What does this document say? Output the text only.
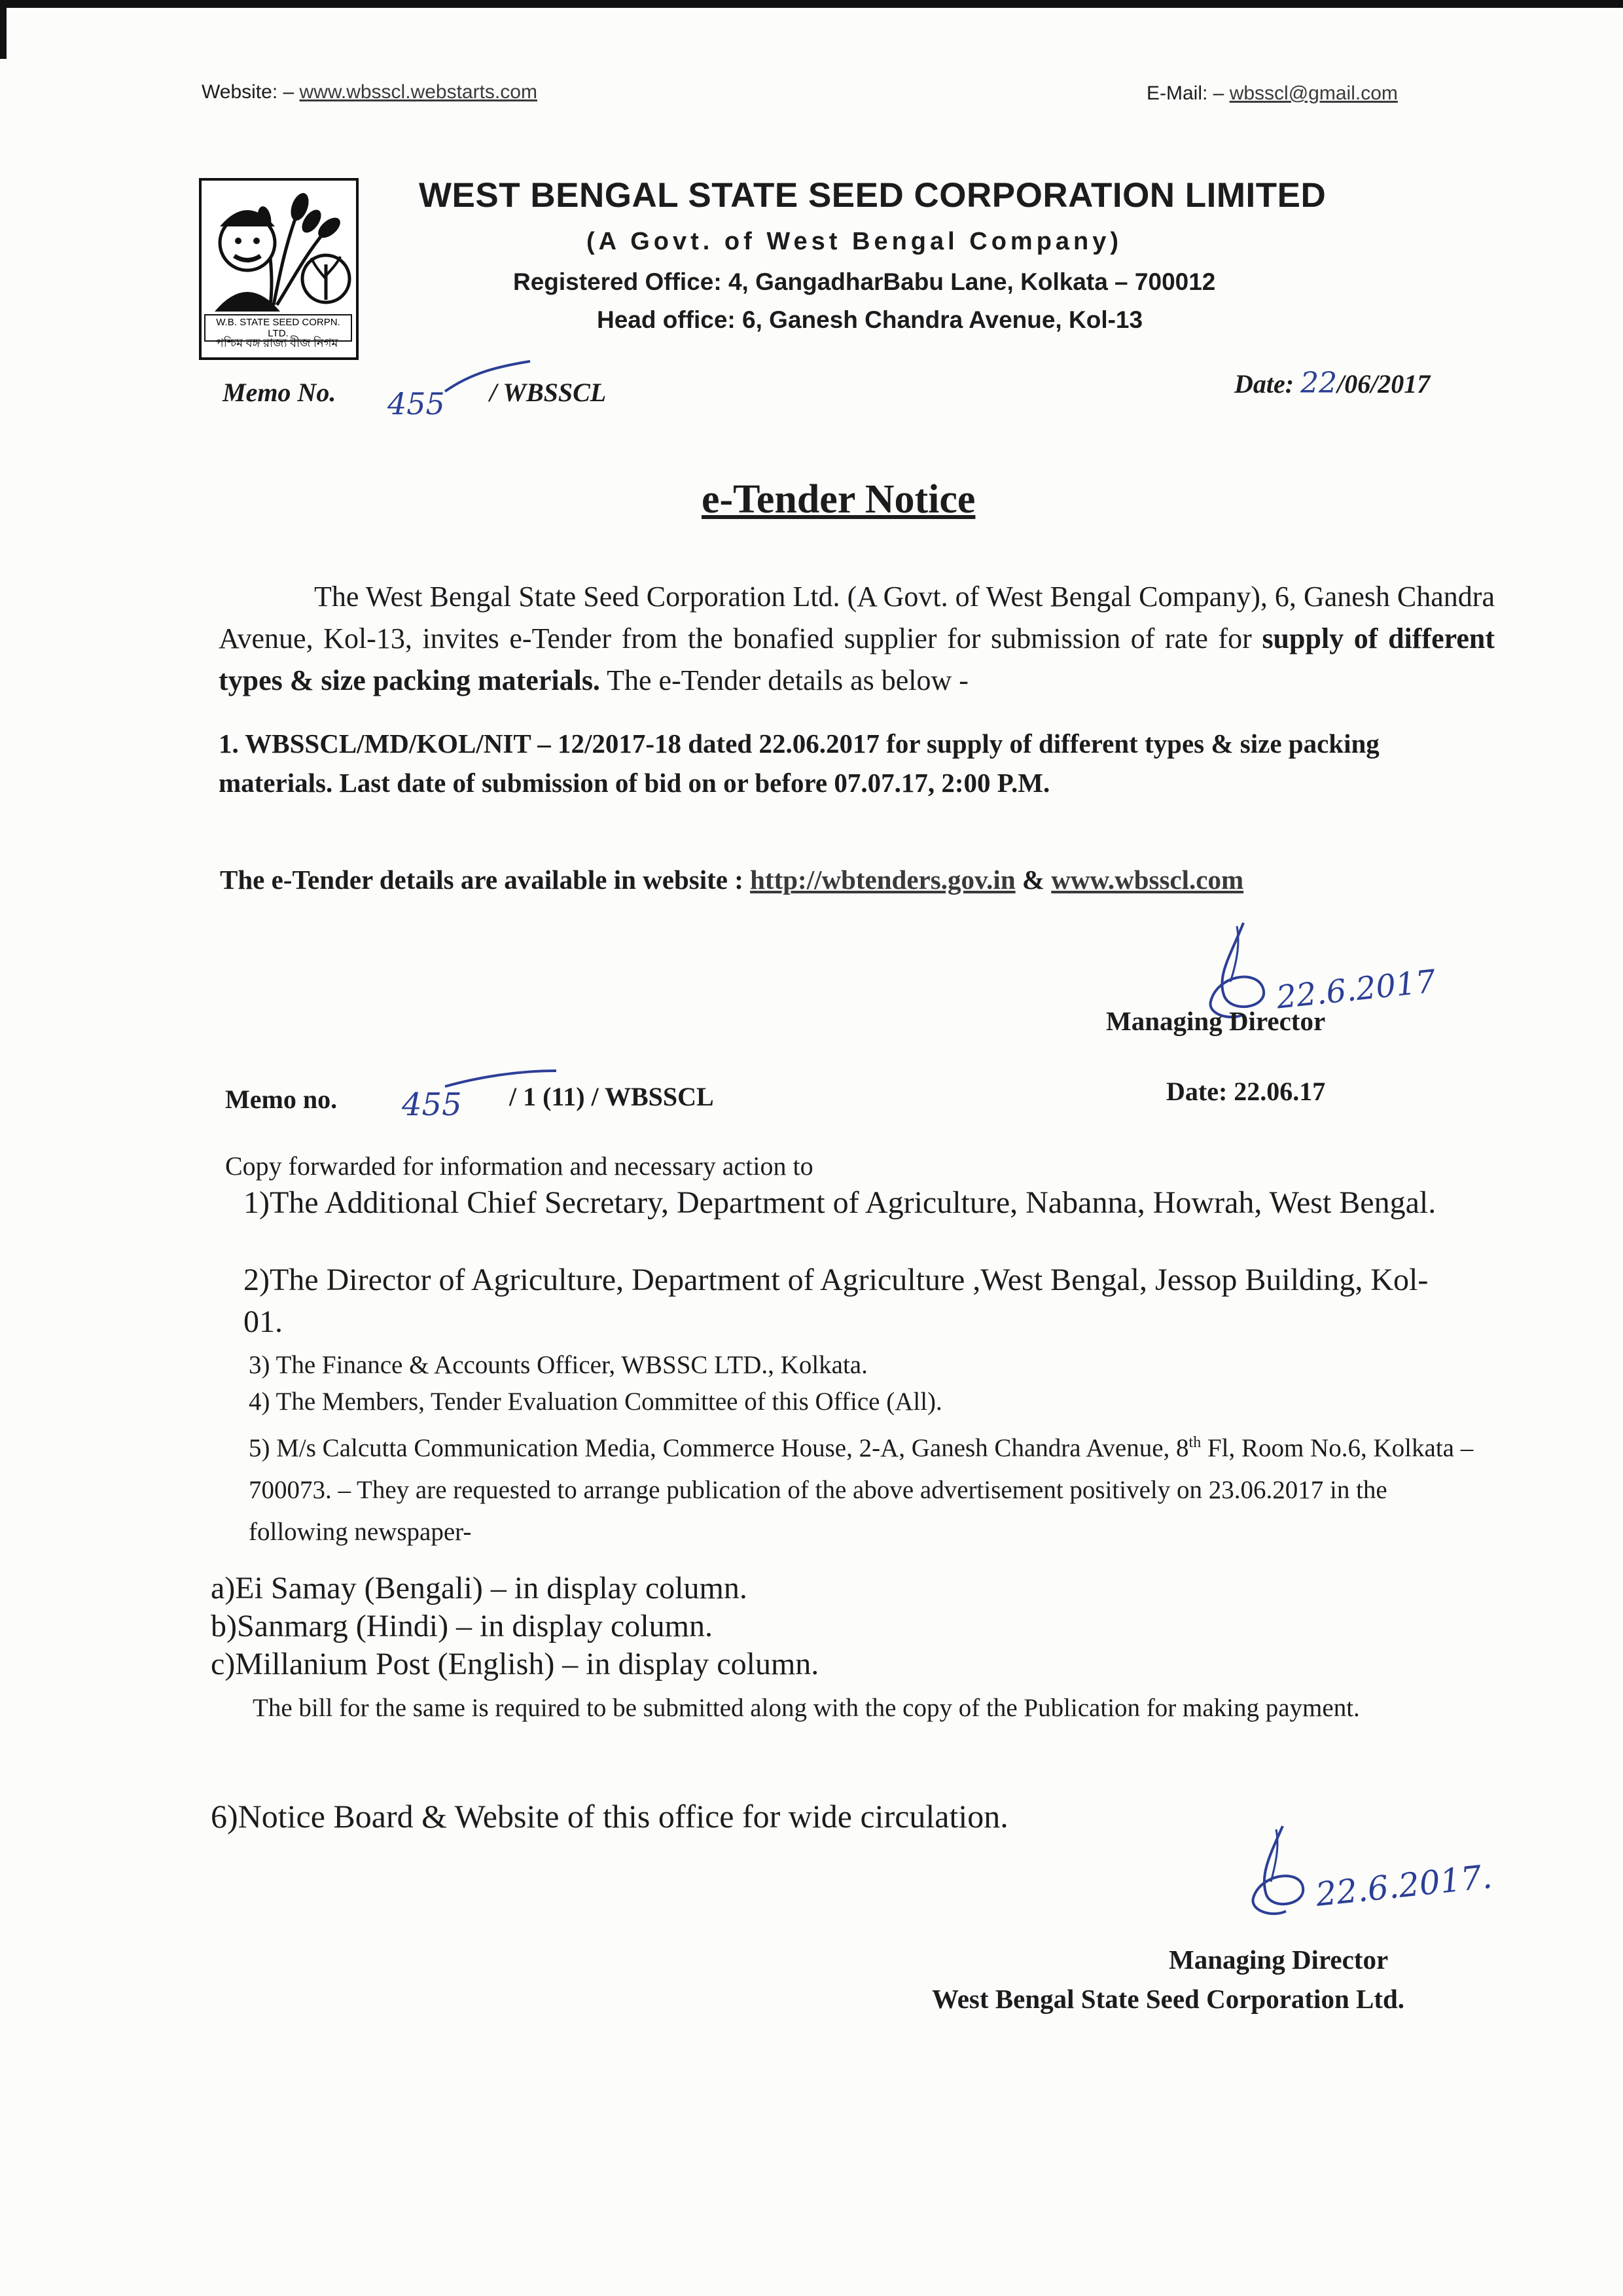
Website: – www.wbsscl.webstarts.com	E-Mail: – wbsscl@gmail.com
W.B. STATE SEED CORPN. LTD.
পশ্চিম বঙ্গ রাজ্য বীজ নিগম
WEST BENGAL STATE SEED CORPORATION LIMITED
(A Govt. of West Bengal Company)
Registered Office: 4, GangadharBabu Lane, Kolkata – 700012
Head office: 6, Ganesh Chandra Avenue, Kol-13
Memo No. 455 / WBSSCL	Date: 22/06/2017
e-Tender Notice
The West Bengal State Seed Corporation Ltd. (A Govt. of West Bengal Company), 6, Ganesh Chandra Avenue, Kol-13, invites e-Tender from the bonafied supplier for submission of rate for supply of different types & size packing materials. The e-Tender details as below -
1. WBSSCL/MD/KOL/NIT – 12/2017-18 dated 22.06.2017 for supply of different types & size packing materials. Last date of submission of bid on or before 07.07.17, 2:00 P.M.
The e-Tender details are available in website : http://wbtenders.gov.in & www.wbsscl.com
22.6.2017
Managing Director
Memo no. 455 / 1 (11) / WBSSCL	Date: 22.06.17
Copy forwarded for information and necessary action to
1)The Additional Chief Secretary, Department of Agriculture, Nabanna, Howrah, West Bengal.
2)The Director of Agriculture, Department of Agriculture ,West Bengal, Jessop Building, Kol-01.
3) The Finance & Accounts Officer, WBSSC LTD., Kolkata.
4) The Members, Tender Evaluation Committee of this Office (All).
5) M/s Calcutta Communication Media, Commerce House, 2-A, Ganesh Chandra Avenue, 8th Fl, Room No.6, Kolkata – 700073. – They are requested to arrange publication of the above advertisement positively on 23.06.2017 in the following newspaper-
a)Ei Samay (Bengali) – in display column.
b)Sanmarg (Hindi) – in display column.
c)Millanium Post (English) – in display column.
The bill for the same is required to be submitted along with the copy of the Publication for making payment.
6)Notice Board & Website of this office for wide circulation.
22.6.2017.
Managing Director
West Bengal State Seed Corporation Ltd.
